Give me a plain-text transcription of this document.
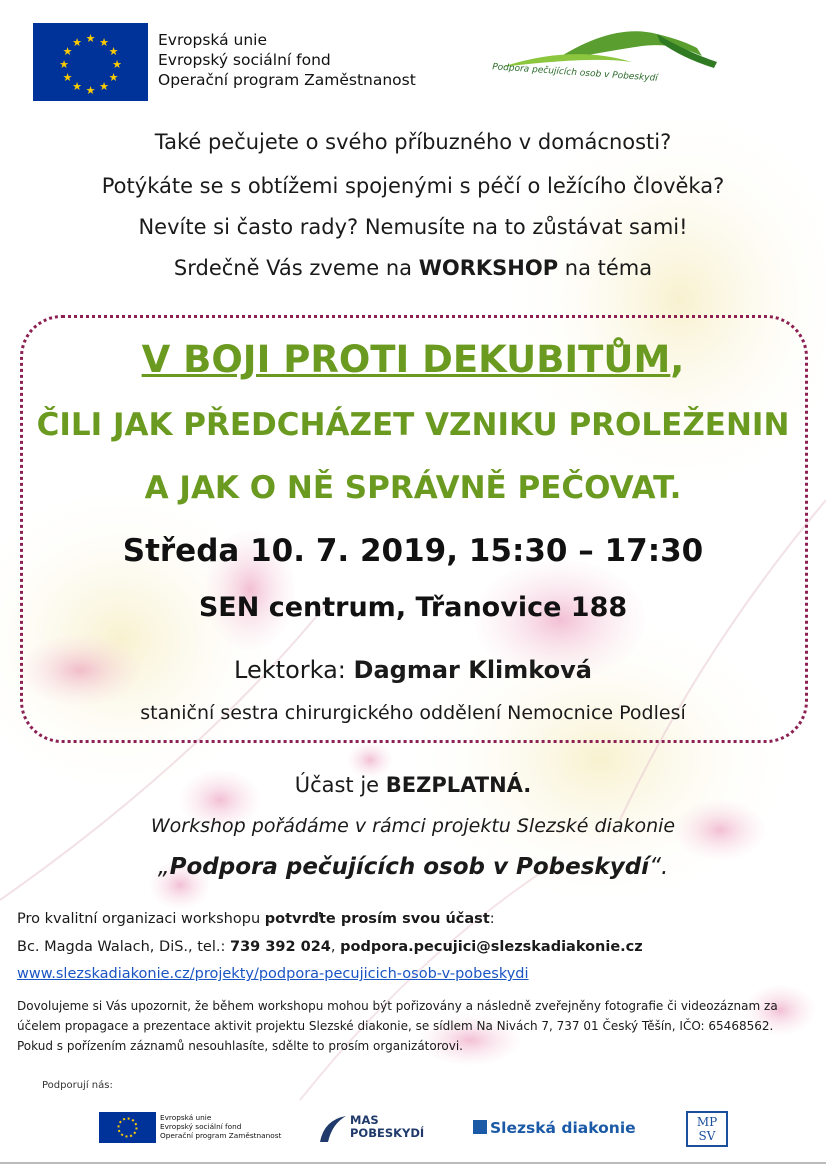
★ ★
★
★
★
★
★
★
★
★
★
★	Evropská unie
Evropský sociální fond
Operační program Zaměstnanost	Podpora pečujících osob v Pobeskydí
Také pečujete o svého příbuzného v domácnosti?
Potýkáte se s obtížemi spojenými s péčí o ležícího člověka?
Nevíte si často rady? Nemusíte na to zůstávat sami!
Srdečně Vás zveme na WORKSHOP na téma
V BOJI PROTI DEKUBITŮM,
ČILI JAK PŘEDCHÁZET VZNIKU PROLEŽENIN
A JAK O NĚ SPRÁVNĚ PEČOVAT.
Středa 10. 7. 2019, 15:30 – 17:30
SEN centrum, Třanovice 188
Lektorka: Dagmar Klimková
staniční sestra chirurgického oddělení Nemocnice Podlesí
Účast je BEZPLATNÁ.
Workshop pořádáme v rámci projektu Slezské diakonie
„Podpora pečujících osob v Pobeskydí“.
Pro kvalitní organizaci workshopu potvrďte prosím svou účast:
Bc. Magda Walach, DiS., tel.: 739 392 024, podpora.pecujici@slezskadiakonie.cz
www.slezskadiakonie.cz/projekty/podpora-pecujicich-osob-v-pobeskydi
Dovolujeme si Vás upozornit, že během workshopu mohou být pořizovány a následně zveřejněny fotografie či videozáznam za účelem propagace a prezentace aktivit projektu Slezské diakonie, se sídlem Na Nivách 7, 737 01 Český Těšín, IČO: 65468562. Pokud s pořízením záznamů nesouhlasíte, sdělte to prosím organizátorovi.
Podporují nás:
Evropská unie
Evropský sociální fond
Operační program Zaměstnanost
MAS
POBESKYDÍ	Slezská diakonie	MP
SV
